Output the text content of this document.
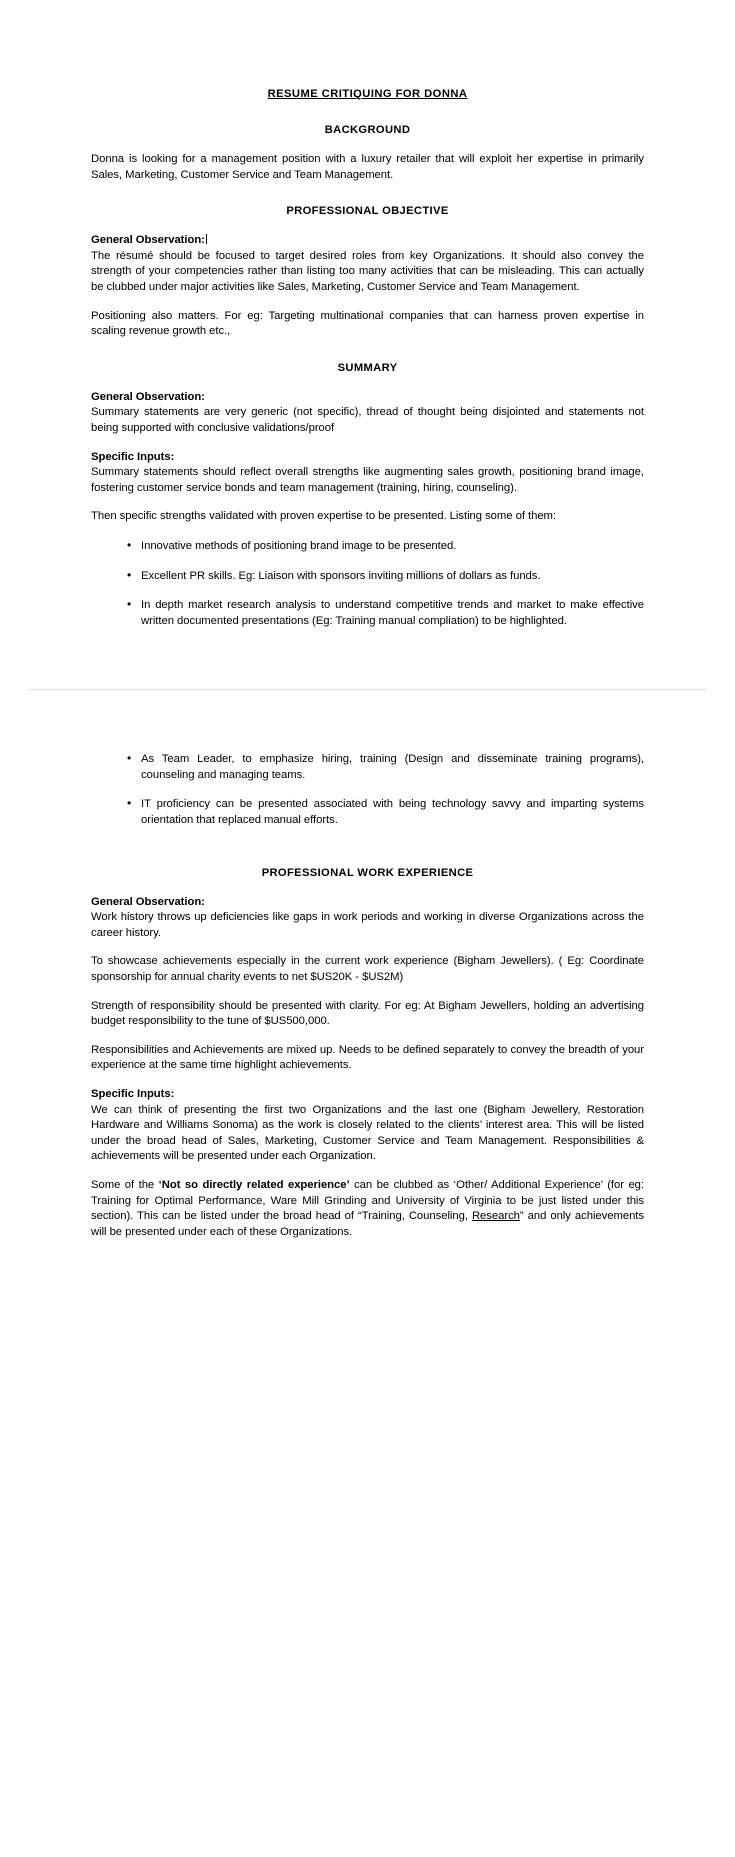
RESUME CRITIQUING FOR DONNA
BACKGROUND

Donna is looking for a management position with a luxury retailer that will exploit her expertise in primarily Sales, Marketing, Customer Service and Team Management.

PROFESSIONAL OBJECTIVE

General Observation:

The résumé should be focused to target desired roles from key Organizations. It should also convey the strength of your competencies rather than listing too many activities that can be misleading. This can actually be clubbed under major activities like Sales, Marketing, Customer Service and Team Management.

Positioning also matters. For eg: Targeting multinational companies that can harness proven expertise in scaling revenue growth etc.,

SUMMARY

General Observation:

Summary statements are very generic (not specific), thread of thought being disjointed and statements not being supported with conclusive validations/proof

Specific Inputs:

Summary statements should reflect overall strengths like augmenting sales growth, positioning brand image, fostering customer service bonds and team management (training, hiring, counseling).

Then specific strengths validated with proven expertise to be presented. Listing some of them:

• Innovative methods of positioning brand image to be presented.
• Excellent PR skills. Eg: Liaison with sponsors inviting millions of dollars as funds.
• In depth market research analysis to understand competitive trends and market to make effective written documented presentations (Eg: Training manual compliation) to be highlighted.
• As Team Leader, to emphasize hiring, training (Design and disseminate training programs), counseling and managing teams.
• IT proficiency can be presented associated with being technology savvy and imparting systems orientation that replaced manual efforts.
PROFESSIONAL WORK EXPERIENCE

General Observation:

Work history throws up deficiencies like gaps in work periods and working in diverse Organizations across the career history.

To showcase achievements especially in the current work experience (Bigham Jewellers). ( Eg: Coordinate sponsorship for annual charity events to net $US20K - $US2M)

Strength of responsibility should be presented with clarity. For eg: At Bigham Jewellers, holding an advertising budget responsibility to the tune of $US500,000.

Responsibilities and Achievements are mixed up. Needs to be defined separately to convey the breadth of your experience at the same time highlight achievements.

Specific Inputs:

We can think of presenting the first two Organizations and the last one (Bigham Jewellery, Restoration Hardware and Williams Sonoma) as the work is closely related to the clients’ interest area. This will be listed under the broad head of Sales, Marketing, Customer Service and Team Management. Responsibilities & achievements will be presented under each Organization.

Some of the ‘Not so directly related experience’ can be clubbed as ‘Other/ Additional Experience’ (for eg: Training for Optimal Performance, Ware Mill Grinding and University of Virginia to be just listed under this section). This can be listed under the broad head of “Training, Counseling, Research” and only achievements will be presented under each of these Organizations.
